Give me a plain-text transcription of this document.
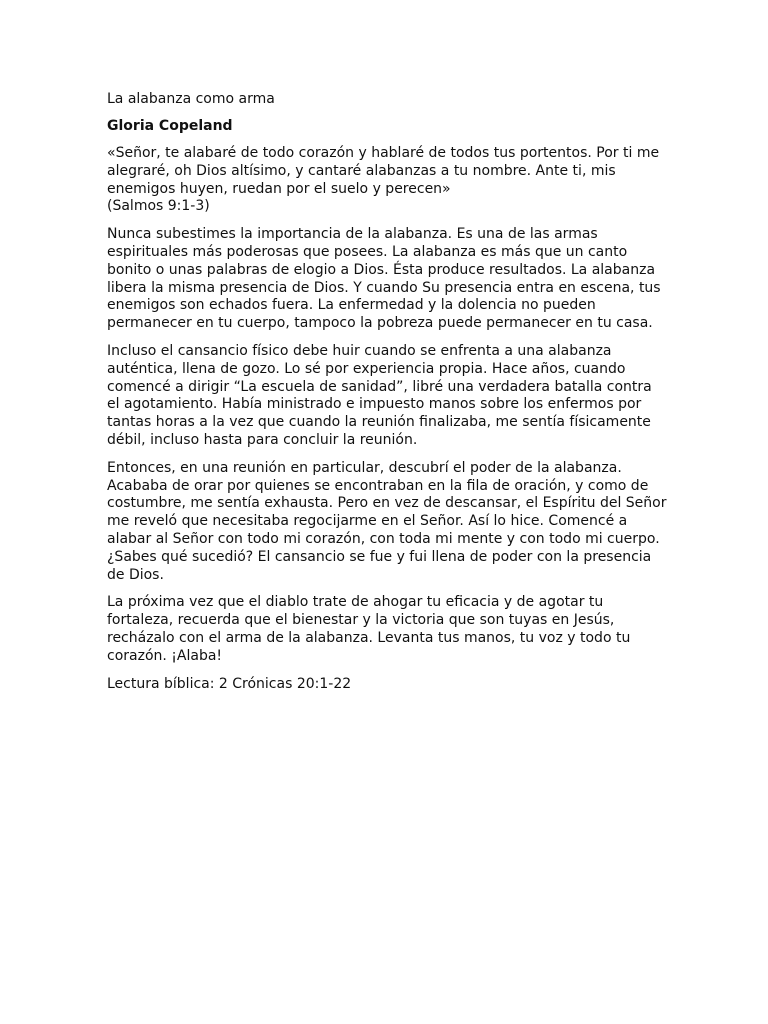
La alabanza como arma
Gloria Copeland

«Señor, te alabaré de todo corazón y hablaré de todos tus portentos. Por ti me alegraré, oh Dios altísimo, y cantaré alabanzas a tu nombre. Ante ti, mis enemigos huyen, ruedan por el suelo y perecen»
(Salmos 9:1-3)

Nunca subestimes la importancia de la alabanza. Es una de las armas espirituales más poderosas que posees. La alabanza es más que un canto bonito o unas palabras de elogio a Dios. Ésta produce resultados. La alabanza libera la misma presencia de Dios. Y cuando Su presencia entra en escena, tus enemigos son echados fuera. La enfermedad y la dolencia no pueden permanecer en tu cuerpo, tampoco la pobreza puede permanecer en tu casa.

Incluso el cansancio físico debe huir cuando se enfrenta a una alabanza auténtica, llena de gozo. Lo sé por experiencia propia. Hace años, cuando comencé a dirigir “La escuela de sanidad”, libré una verdadera batalla contra el agotamiento. Había ministrado e impuesto manos sobre los enfermos por tantas horas a la vez que cuando la reunión finalizaba, me sentía físicamente débil, incluso hasta para concluir la reunión.

Entonces, en una reunión en particular, descubrí el poder de la alabanza. Acababa de orar por quienes se encontraban en la fila de oración, y como de costumbre, me sentía exhausta. Pero en vez de descansar, el Espíritu del Señor me reveló que necesitaba regocijarme en el Señor. Así lo hice. Comencé a alabar al Señor con todo mi corazón, con toda mi mente y con todo mi cuerpo. ¿Sabes qué sucedió? El cansancio se fue y fui llena de poder con la presencia de Dios.

La próxima vez que el diablo trate de ahogar tu eficacia y de agotar tu fortaleza, recuerda que el bienestar y la victoria que son tuyas en Jesús, recházalo con el arma de la alabanza. Levanta tus manos, tu voz y todo tu corazón. ¡Alaba!

Lectura bíblica: 2 Crónicas 20:1-22
